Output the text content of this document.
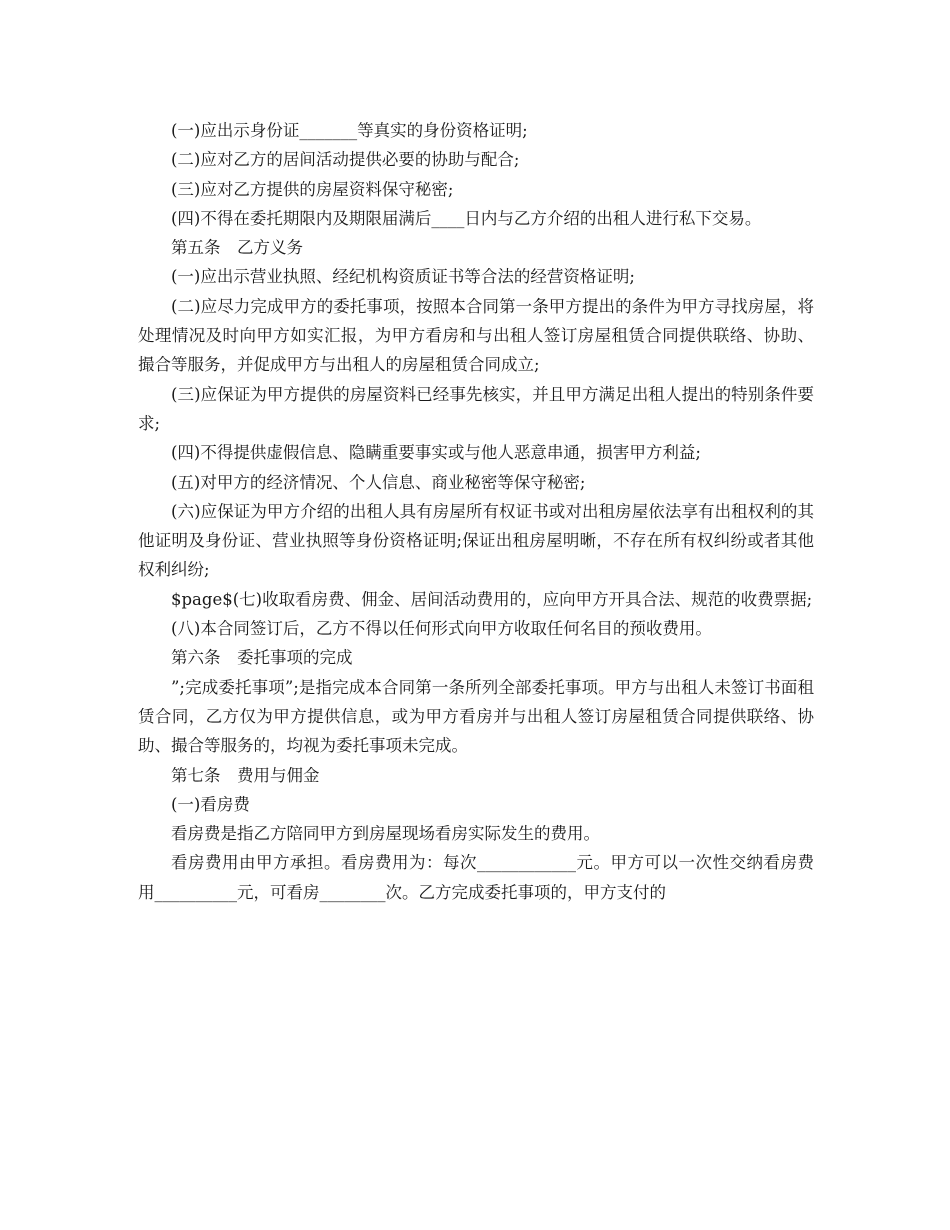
(一)应出示身份证_______等真实的身份资格证明;

(二)应对乙方的居间活动提供必要的协助与配合;

(三)应对乙方提供的房屋资料保守秘密;

(四)不得在委托期限内及期限届满后____日内与乙方介绍的出租人进行私下交易。

第五条　乙方义务

(一)应出示营业执照、经纪机构资质证书等合法的经营资格证明;

(二)应尽力完成甲方的委托事项，按照本合同第一条甲方提出的条件为甲方寻找房屋，将处理情况及时向甲方如实汇报，为甲方看房和与出租人签订房屋租赁合同提供联络、协助、撮合等服务，并促成甲方与出租人的房屋租赁合同成立;

(三)应保证为甲方提供的房屋资料已经事先核实，并且甲方满足出租人提出的特别条件要求;

(四)不得提供虚假信息、隐瞒重要事实或与他人恶意串通，损害甲方利益;

(五)对甲方的经济情况、个人信息、商业秘密等保守秘密;

(六)应保证为甲方介绍的出租人具有房屋所有权证书或对出租房屋依法享有出租权利的其他证明及身份证、营业执照等身份资格证明;保证出租房屋明晰，不存在所有权纠纷或者其他权利纠纷;

$page$(七)收取看房费、佣金、居间活动费用的，应向甲方开具合法、规范的收费票据;

(八)本合同签订后，乙方不得以任何形式向甲方收取任何名目的预收费用。

第六条　委托事项的完成

”;完成委托事项”;是指完成本合同第一条所列全部委托事项。甲方与出租人未签订书面租赁合同，乙方仅为甲方提供信息，或为甲方看房并与出租人签订房屋租赁合同提供联络、协助、撮合等服务的，均视为委托事项未完成。

第七条　费用与佣金

(一)看房费

看房费是指乙方陪同甲方到房屋现场看房实际发生的费用。

看房费用由甲方承担。看房费用为：每次____________元。甲方可以一次性交纳看房费用__________元，可看房________次。乙方完成委托事项的，甲方支付的
